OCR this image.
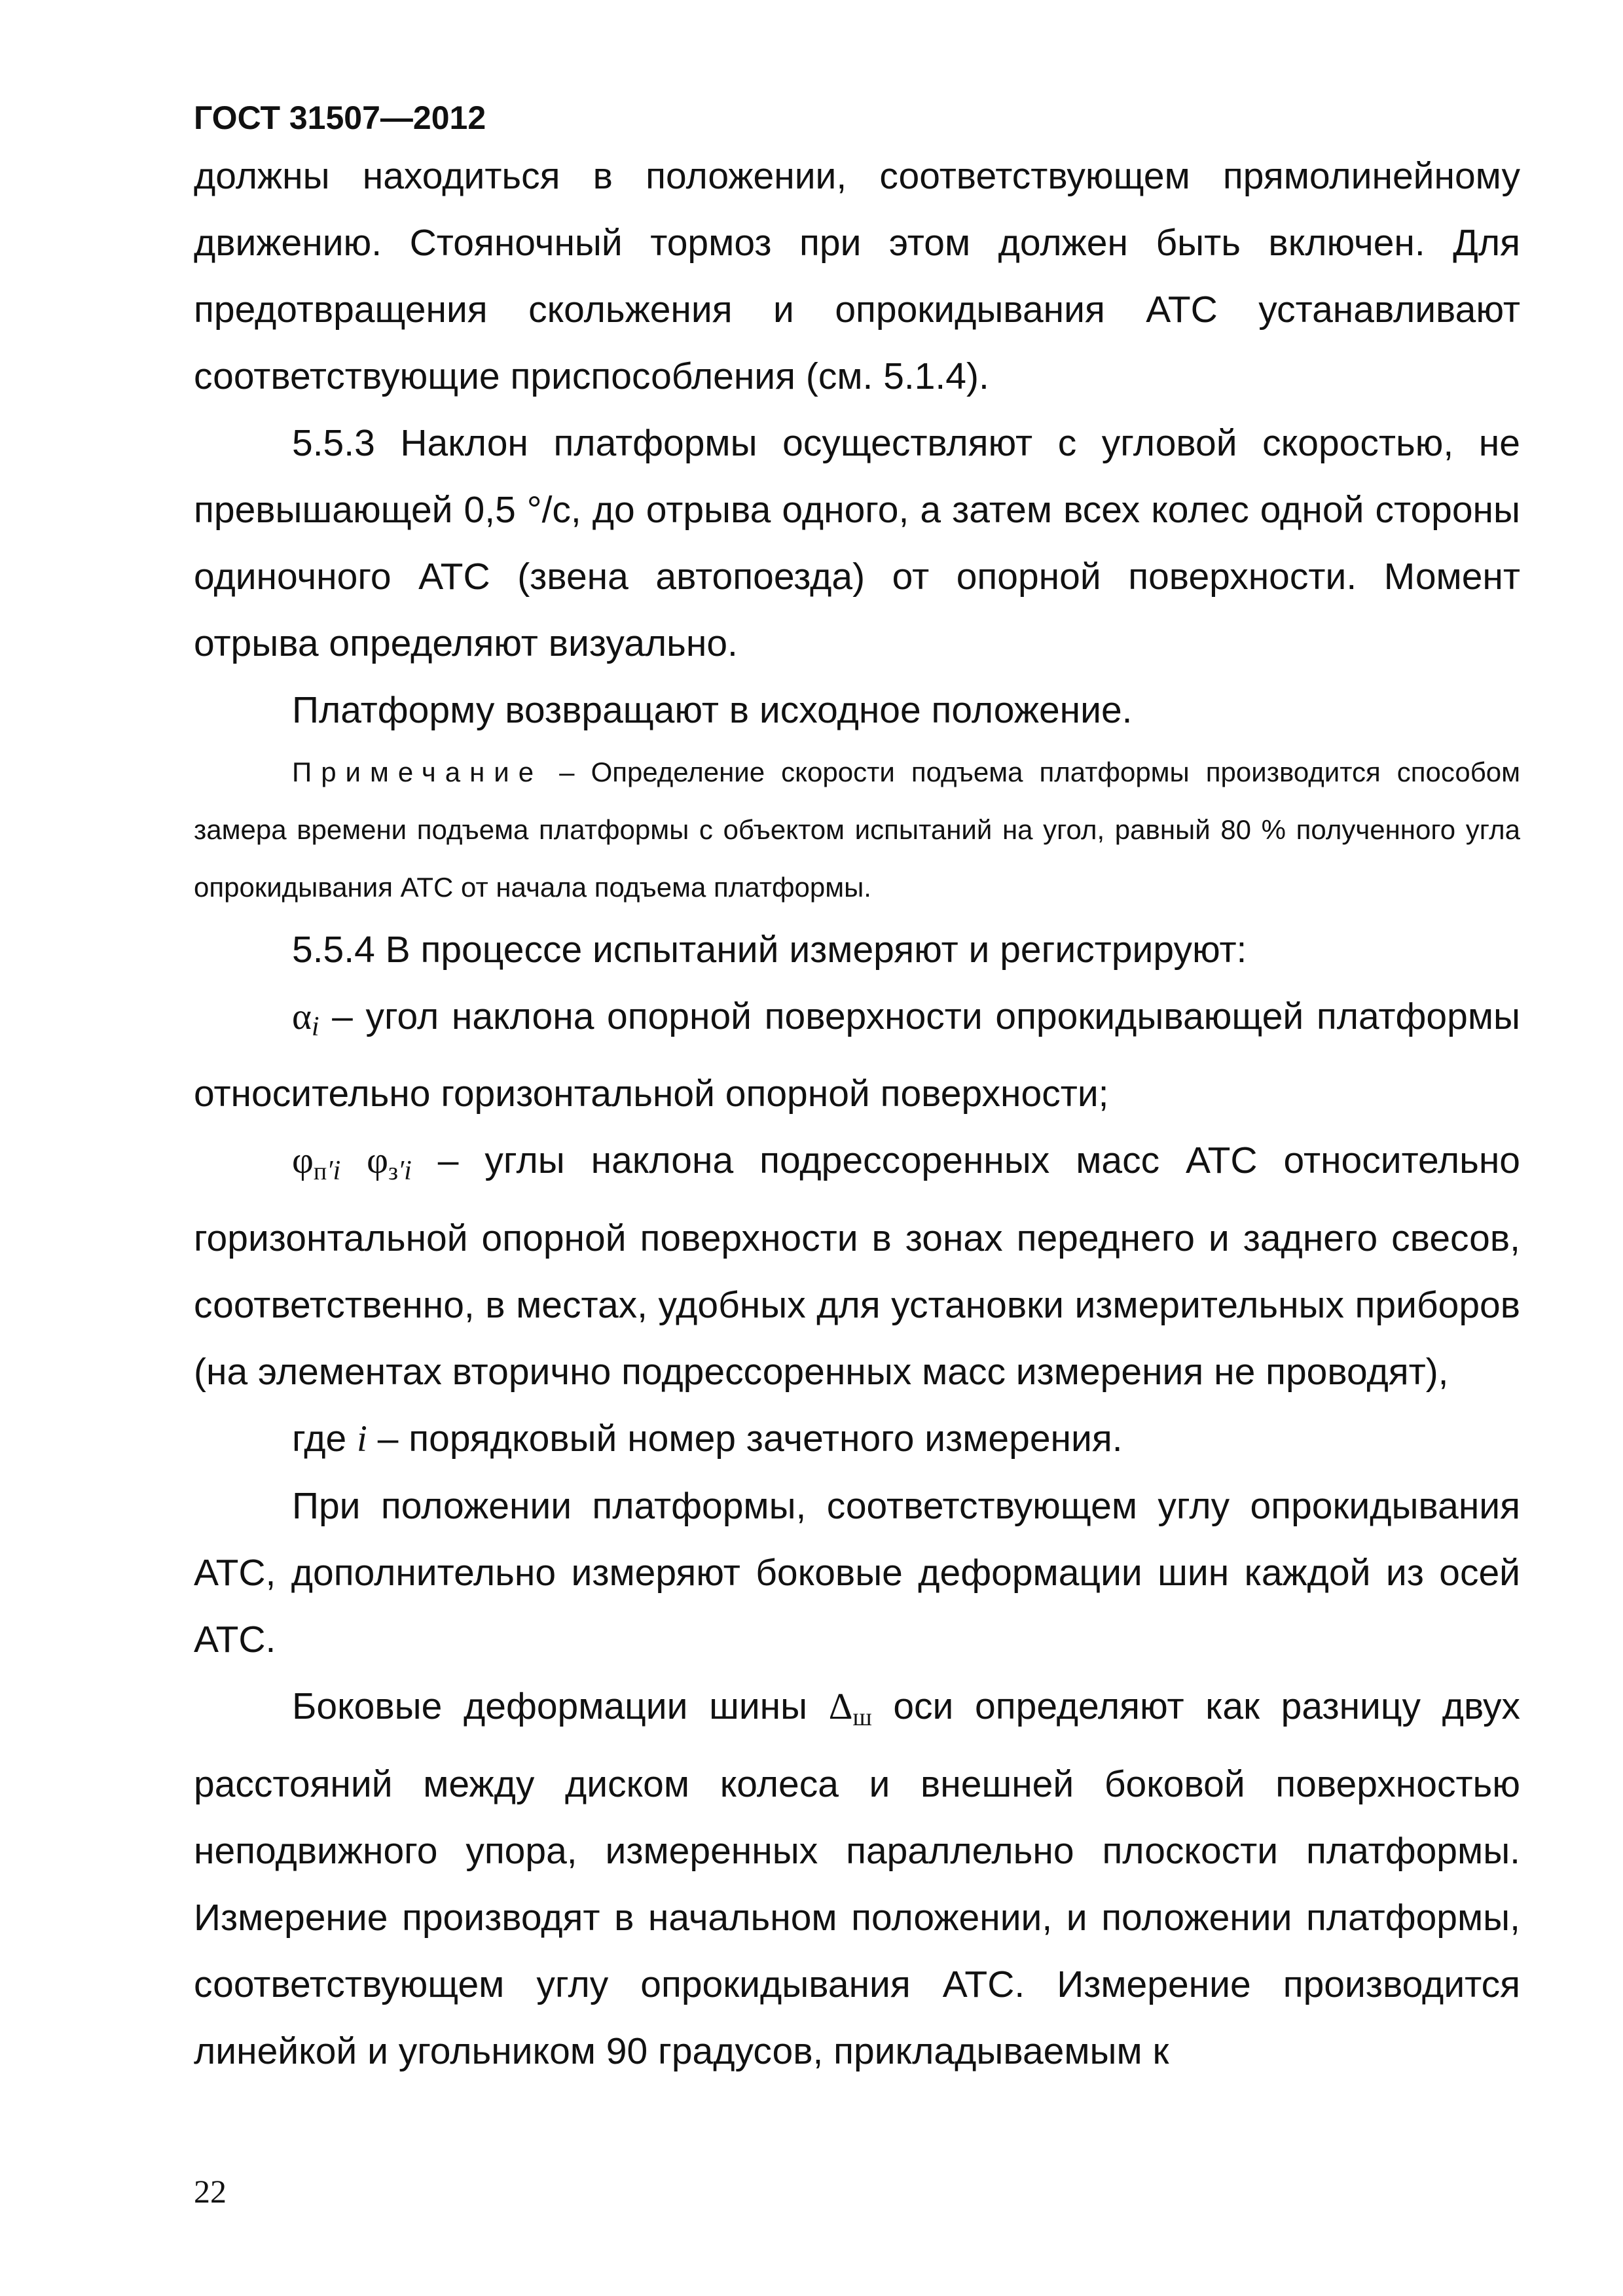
ГОСТ 31507—2012

должны находиться в положении, соответствующем прямолинейному движению. Стояночный тормоз при этом должен быть включен. Для предотвращения скольжения и опрокидывания АТС устанавливают соответствующие приспособления (см. 5.1.4).

5.5.3 Наклон платформы осуществляют с угловой скоростью, не превышающей 0,5 °/с, до отрыва одного, а затем всех колес одной стороны одиночного АТС (звена автопоезда) от опорной поверхности. Момент отрыва определяют визуально.

Платформу возвращают в исходное положение.

Примечание – Определение скорости подъема платформы производится способом замера времени подъема платформы с объектом испытаний на угол, равный 80 % полученного угла опрокидывания АТС от начала подъема платформы.

5.5.4 В процессе испытаний измеряют и регистрируют:

αi – угол наклона опорной поверхности опрокидывающей платформы относительно горизонтальной опорной поверхности;

$\varphi_п'i$ $\varphi_з'i$ – углы наклона подрессоренных масс АТС относительно горизонтальной опорной поверхности в зонах переднего и заднего свесов, соответственно, в местах, удобных для установки измерительных приборов (на элементах вторично подрессоренных масс измерения не проводят),

где i – порядковый номер зачетного измерения.

При положении платформы, соответствующем углу опрокидывания АТС, дополнительно измеряют боковые деформации шин каждой из осей АТС.

Боковые деформации шины $\Delta_ш$ оси определяют как разницу двух расстояний между диском колеса и внешней боковой поверхностью неподвижного упора, измеренных параллельно плоскости платформы. Измерение производят в начальном положении, и положении платформы, соответствующем углу опрокидывания АТС. Измерение производится линейкой и угольником 90 градусов, прикладываемым к

22
